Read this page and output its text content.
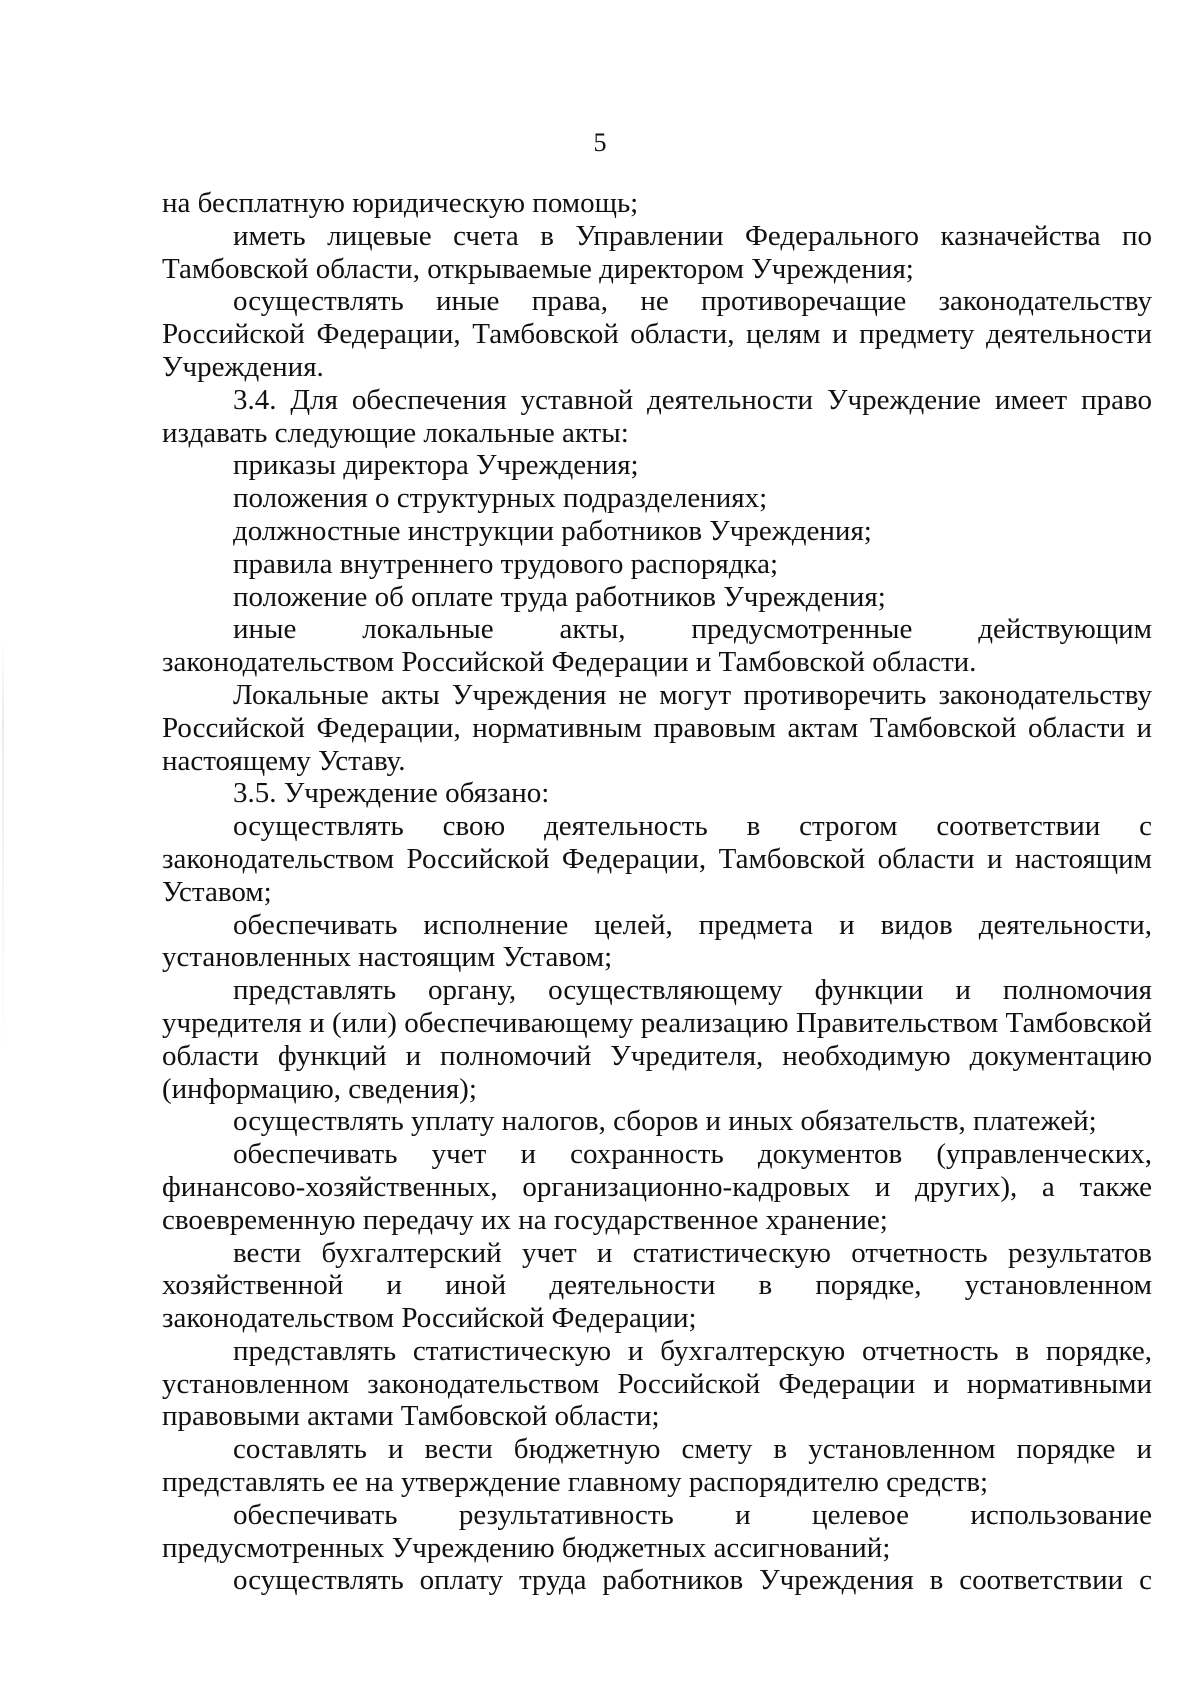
5

на бесплатную юридическую помощь;

иметь лицевые счета в Управлении Федерального казначейства по Тамбовской области, открываемые директором Учреждения;

осуществлять иные права, не противоречащие законодательству Российской Федерации, Тамбовской области, целям и предмету деятельности Учреждения.

3.4. Для обеспечения уставной деятельности Учреждение имеет право издавать следующие локальные акты:

приказы директора Учреждения;

положения о структурных подразделениях;

должностные инструкции работников Учреждения;

правила внутреннего трудового распорядка;

положение об оплате труда работников Учреждения;

иные локальные акты, предусмотренные действующим законодательством Российской Федерации и Тамбовской области.

Локальные акты Учреждения не могут противоречить законодательству Российской Федерации, нормативным правовым актам Тамбовской области и настоящему Уставу.

3.5. Учреждение обязано:

осуществлять свою деятельность в строгом соответствии с законодательством Российской Федерации, Тамбовской области и настоящим Уставом;

обеспечивать исполнение целей, предмета и видов деятельности, установленных настоящим Уставом;

представлять органу, осуществляющему функции и полномочия учредителя и (или) обеспечивающему реализацию Правительством Тамбовской области функций и полномочий Учредителя, необходимую документацию (информацию, сведения);

осуществлять уплату налогов, сборов и иных обязательств, платежей;

обеспечивать учет и сохранность документов (управленческих, финансово-хозяйственных, организационно-кадровых и других), а также своевременную передачу их на государственное хранение;

вести бухгалтерский учет и статистическую отчетность результатов хозяйственной и иной деятельности в порядке, установленном законодательством Российской Федерации;

представлять статистическую и бухгалтерскую отчетность в порядке, установленном законодательством Российской Федерации и нормативными правовыми актами Тамбовской области;

составлять и вести бюджетную смету в установленном порядке и представлять ее на утверждение главному распорядителю средств;

обеспечивать результативность и целевое использование предусмотренных Учреждению бюджетных ассигнований;

осуществлять оплату труда работников Учреждения в соответствии с
